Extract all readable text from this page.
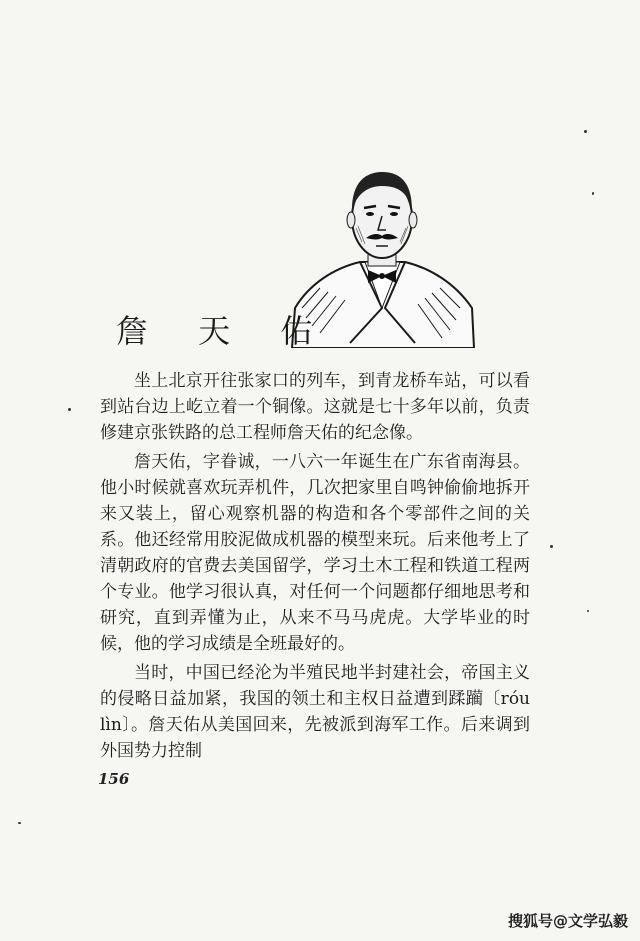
詹 天 佑

坐上北京开往张家口的列车，到青龙桥车站，可以看到站台边上屹立着一个铜像。这就是七十多年以前，负责修建京张铁路的总工程师詹天佑的纪念像。

詹天佑，字眷诚，一八六一年诞生在广东省南海县。他小时候就喜欢玩弄机件，几次把家里自鸣钟偷偷地拆开来又装上，留心观察机器的构造和各个零部件之间的关系。他还经常用胶泥做成机器的模型来玩。后来他考上了清朝政府的官费去美国留学，学习土木工程和铁道工程两个专业。他学习很认真，对任何一个问题都仔细地思考和研究，直到弄懂为止，从来不马马虎虎。大学毕业的时候，他的学习成绩是全班最好的。

当时，中国已经沦为半殖民地半封建社会，帝国主义的侵略日益加紧，我国的领土和主权日益遭到蹂躏〔róu lìn〕。詹天佑从美国回来，先被派到海军工作。后来调到外国势力控制

156
搜狐号@文学弘毅
